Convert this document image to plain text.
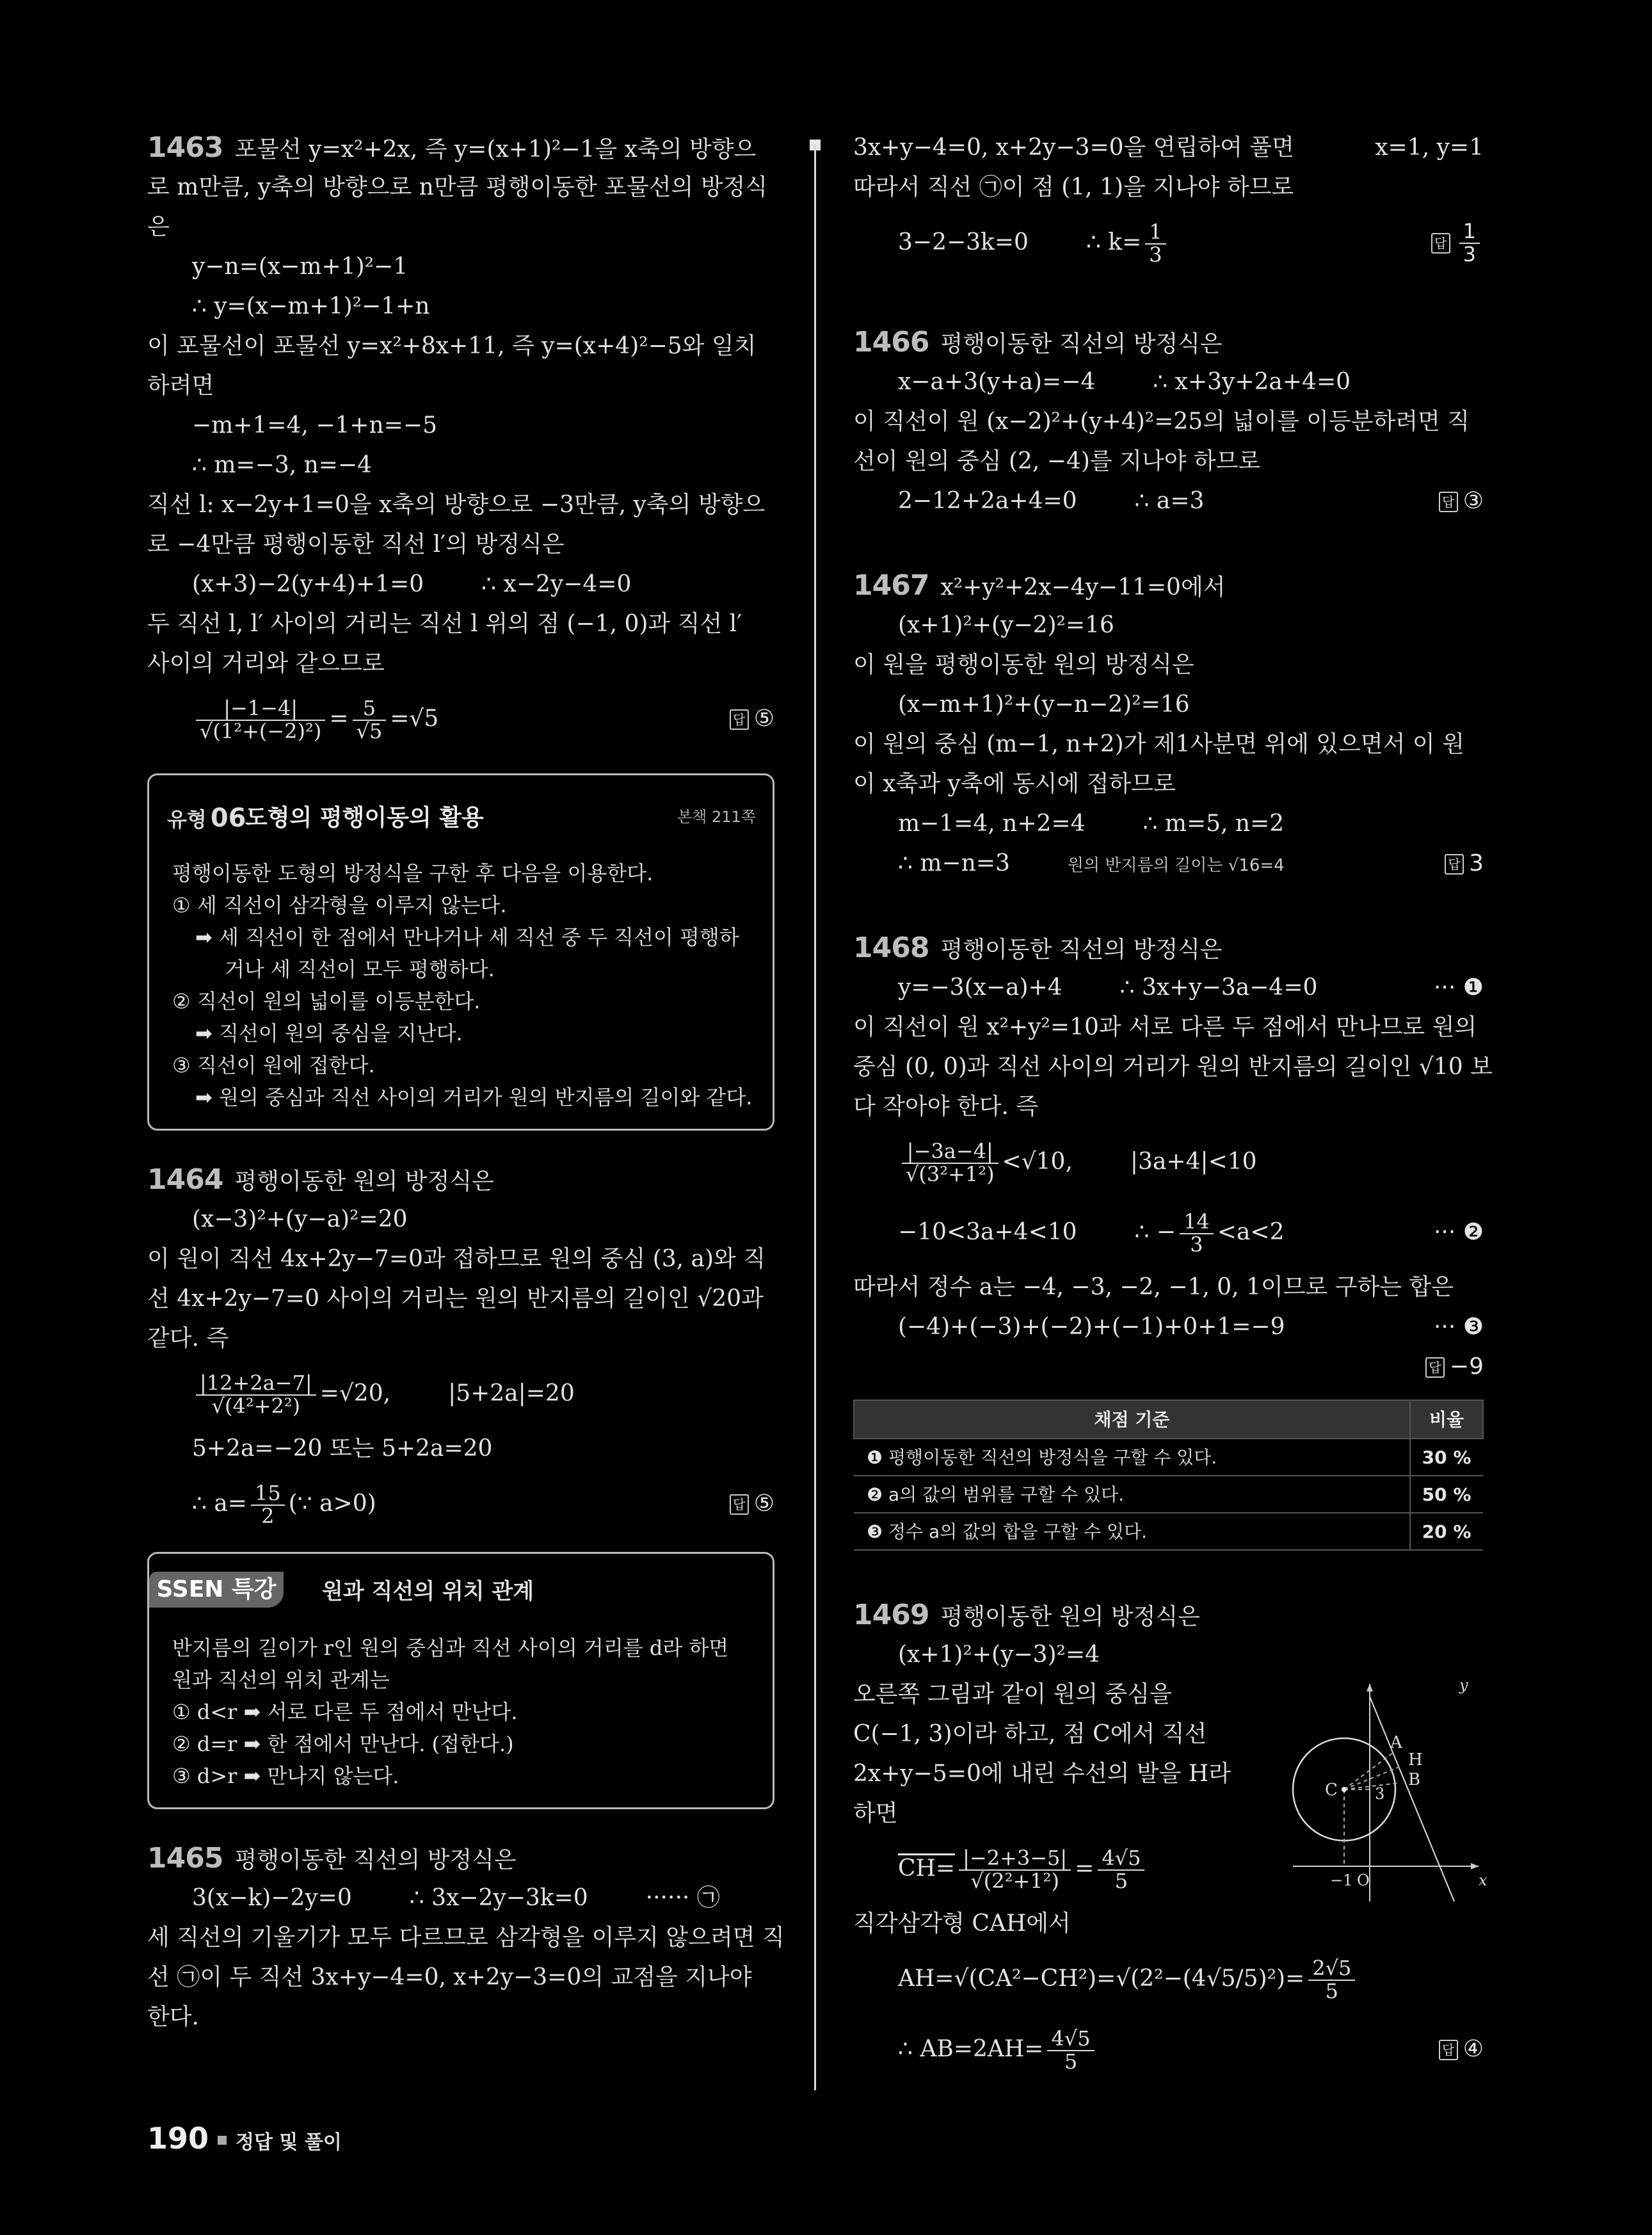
1463 포물선 y=x²+2x, 즉 y=(x+1)²−1을 x축의 방향으
로 m만큼, y축의 방향으로 n만큼 평행이동한 포물선의 방정식
은
y−n=(x−m+1)²−1
∴ y=(x−m+1)²−1+n
이 포물선이 포물선 y=x²+8x+11, 즉 y=(x+4)²−5와 일치
하려면
−m+1=4, −1+n=−5
∴ m=−3, n=−4
직선 l: x−2y+1=0을 x축의 방향으로 −3만큼, y축의 방향으
로 −4만큼 평행이동한 직선 l′의 방정식은
(x+3)−2(y+4)+1=0	∴ x−2y−4=0
두 직선 l, l′ 사이의 거리는 직선 l 위의 점 (−1, 0)과 직선 l′
사이의 거리와 같으므로
$\frac{|-1-4|}{\text{√(1²+(−2)²)}} = \frac{5}{√5} =√5$	답 ⑤
유형 06
도형의 평행이동의 활용	본책 211쪽
평행이동한 도형의 방정식을 구한 후 다음을 이용한다.
① 세 직선이 삼각형을 이루지 않는다.
➡ 세 직선이 한 점에서 만나거나 세 직선 중 두 직선이 평행하
거나 세 직선이 모두 평행하다.
② 직선이 원의 넓이를 이등분한다.
➡ 직선이 원의 중심을 지난다.
③ 직선이 원에 접한다.
➡ 원의 중심과 직선 사이의 거리가 원의 반지름의 길이와 같다.
1464 평행이동한 원의 방정식은
(x−3)²+(y−a)²=20
이 원이 직선 4x+2y−7=0과 접하므로 원의 중심 (3, a)와 직
선 4x+2y−7=0 사이의 거리는 원의 반지름의 길이인 √20과
같다. 즉
$\frac{|12+2a-7|}{\text{√(4²+2²)}} =√20$,	|5+2a|=20
5+2a=−20 또는 5+2a=20
∴ $a= \frac{15}{2}$ (∵ a>0)	답 ⑤
SSEN 특강	원과 직선의 위치 관계
반지름의 길이가 r인 원의 중심과 직선 사이의 거리를 d라 하면
원과 직선의 위치 관계는
① d<r ➡ 서로 다른 두 점에서 만난다.
② d=r ➡ 한 점에서 만난다. (접한다.)
③ d>r ➡ 만나지 않는다.
1465 평행이동한 직선의 방정식은
3(x−k)−2y=0	∴ 3x−2y−3k=0	······ ㉠
세 직선의 기울기가 모두 다르므로 삼각형을 이루지 않으려면 직
선 ㉠이 두 직선 3x+y−4=0, x+2y−3=0의 교점을 지나야
한다.
3x+y−4=0, x+2y−3=0을 연립하여 풀면	x=1, y=1
따라서 직선 ㉠이 점 (1, 1)을 지나야 하므로
3−2−3k=0	∴ $k= \frac{1}{3}$	답 $\frac{1}{3}$
1466 평행이동한 직선의 방정식은
x−a+3(y+a)=−4	∴ x+3y+2a+4=0
이 직선이 원 (x−2)²+(y+4)²=25의 넓이를 이등분하려면 직
선이 원의 중심 (2, −4)를 지나야 하므로
2−12+2a+4=0	∴ a=3	답 ③
1467 x²+y²+2x−4y−11=0에서
(x+1)²+(y−2)²=16
이 원을 평행이동한 원의 방정식은
(x−m+1)²+(y−n−2)²=16
이 원의 중심 (m−1, n+2)가 제1사분면 위에 있으면서 이 원
이 x축과 y축에 동시에 접하므로
m−1=4, n+2=4	∴ m=5, n=2
∴ m−n=3	원의 반지름의 길이는 √16=4	답 3
1468 평행이동한 직선의 방정식은
y=−3(x−a)+4	∴ 3x+y−3a−4=0	··· ❶
이 직선이 원 x²+y²=10과 서로 다른 두 점에서 만나므로 원의
중심 (0, 0)과 직선 사이의 거리가 원의 반지름의 길이인 √10 보
다 작아야 한다. 즉
$\frac{|-3a-4|}{\text{√(3²+1²)}} <√10$,	|3a+4|<10
−10<3a+4<10	∴ − $\frac{14}{3} <a<2$	··· ❷
따라서 정수 a는 −4, −3, −2, −1, 0, 1이므로 구하는 합은
(−4)+(−3)+(−2)+(−1)+0+1=−9	··· ❸
답 −9
채점 기준	비율
❶ 평행이동한 직선의 방정식을 구할 수 있다.	30 %
❷ a의 값의 범위를 구할 수 있다.	50 %
❸ 정수 a의 값의 합을 구할 수 있다.	20 %
1469 평행이동한 원의 방정식은
(x+1)²+(y−3)²=4
오른쪽 그림과 같이 원의 중심을
C(−1, 3)이라 하고, 점 C에서 직선
2x+y−5=0에 내린 수선의 발을 H라
하면
$CH= \frac{|-2+3-5|}{\text{√(2²+1²)}} = \frac{4√5}{5}$
직각삼각형 CAH에서
$AH=√(CA^2-CH^2)=√(2^2-(4√5/5)^2)= \frac{2√5}{5}$
∴ $AB=2AH= \frac{4√5}{5}$	답 ④
y
x
A
H
B
C 3
−1 O
190 정답 및 풀이
